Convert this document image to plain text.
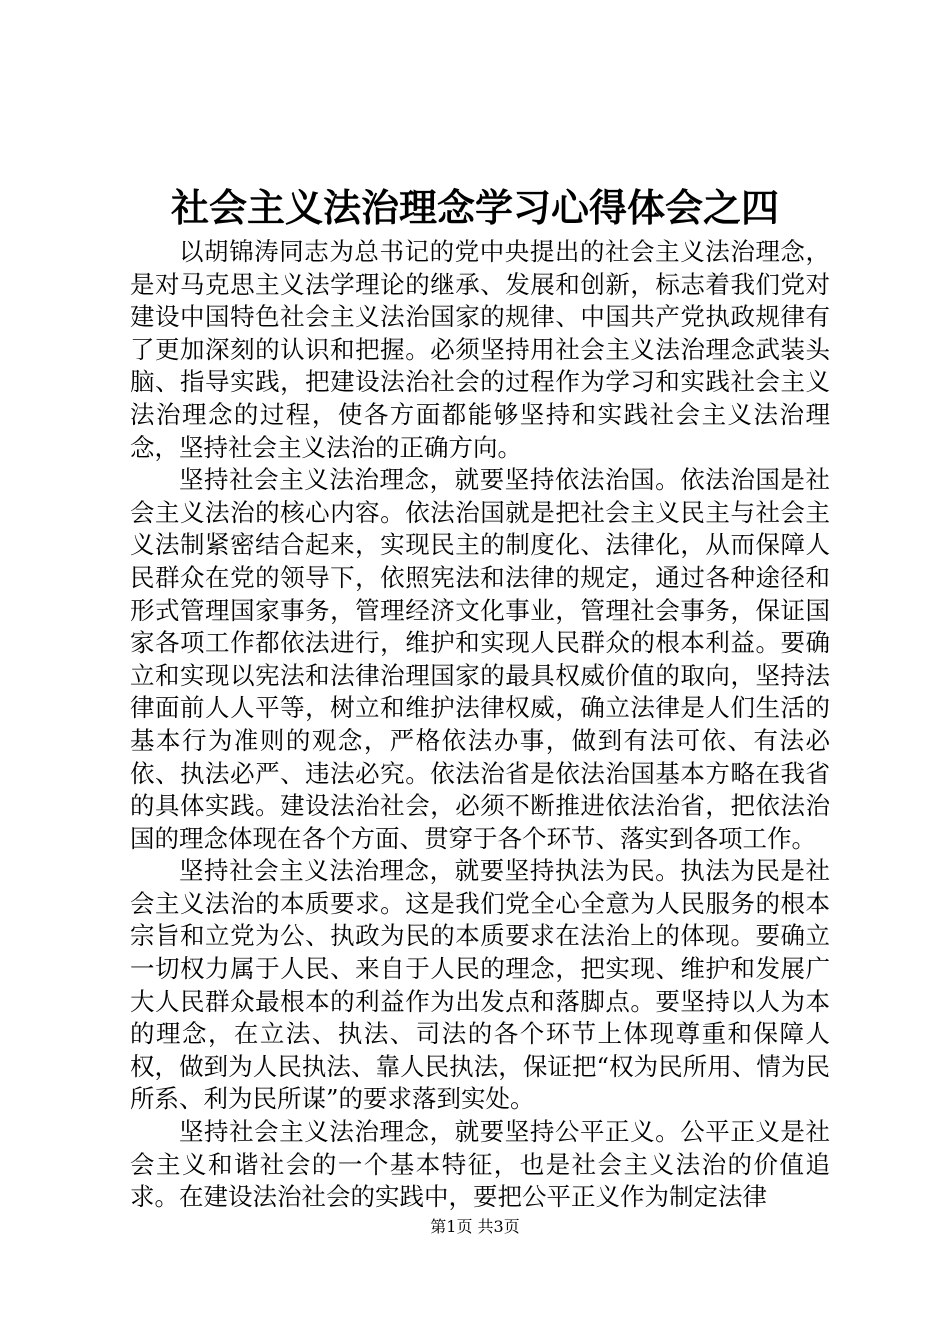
社会主义法治理念学习心得体会之四

以胡锦涛同志为总书记的党中央提出的社会主义法治理念，是对马克思主义法学理论的继承、发展和创新，标志着我们党对建设中国特色社会主义法治国家的规律、中国共产党执政规律有了更加深刻的认识和把握。必须坚持用社会主义法治理念武装头脑、指导实践，把建设法治社会的过程作为学习和实践社会主义法治理念的过程，使各方面都能够坚持和实践社会主义法治理念，坚持社会主义法治的正确方向。

坚持社会主义法治理念，就要坚持依法治国。依法治国是社会主义法治的核心内容。依法治国就是把社会主义民主与社会主义法制紧密结合起来，实现民主的制度化、法律化，从而保障人民群众在党的领导下，依照宪法和法律的规定，通过各种途径和形式管理国家事务，管理经济文化事业，管理社会事务，保证国家各项工作都依法进行，维护和实现人民群众的根本利益。要确立和实现以宪法和法律治理国家的最具权威价值的取向，坚持法律面前人人平等，树立和维护法律权威，确立法律是人们生活的基本行为准则的观念，严格依法办事，做到有法可依、有法必依、执法必严、违法必究。依法治省是依法治国基本方略在我省的具体实践。建设法治社会，必须不断推进依法治省，把依法治国的理念体现在各个方面、贯穿于各个环节、落实到各项工作。

坚持社会主义法治理念，就要坚持执法为民。执法为民是社会主义法治的本质要求。这是我们党全心全意为人民服务的根本宗旨和立党为公、执政为民的本质要求在法治上的体现。要确立一切权力属于人民、来自于人民的理念，把实现、维护和发展广大人民群众最根本的利益作为出发点和落脚点。要坚持以人为本的理念，在立法、执法、司法的各个环节上体现尊重和保障人权，做到为人民执法、靠人民执法，保证把“权为民所用、情为民所系、利为民所谋”的要求落到实处。

坚持社会主义法治理念，就要坚持公平正义。公平正义是社会主义和谐社会的一个基本特征，也是社会主义法治的价值追求。在建设法治社会的实践中，要把公平正义作为制定法律

第1页 共3页
